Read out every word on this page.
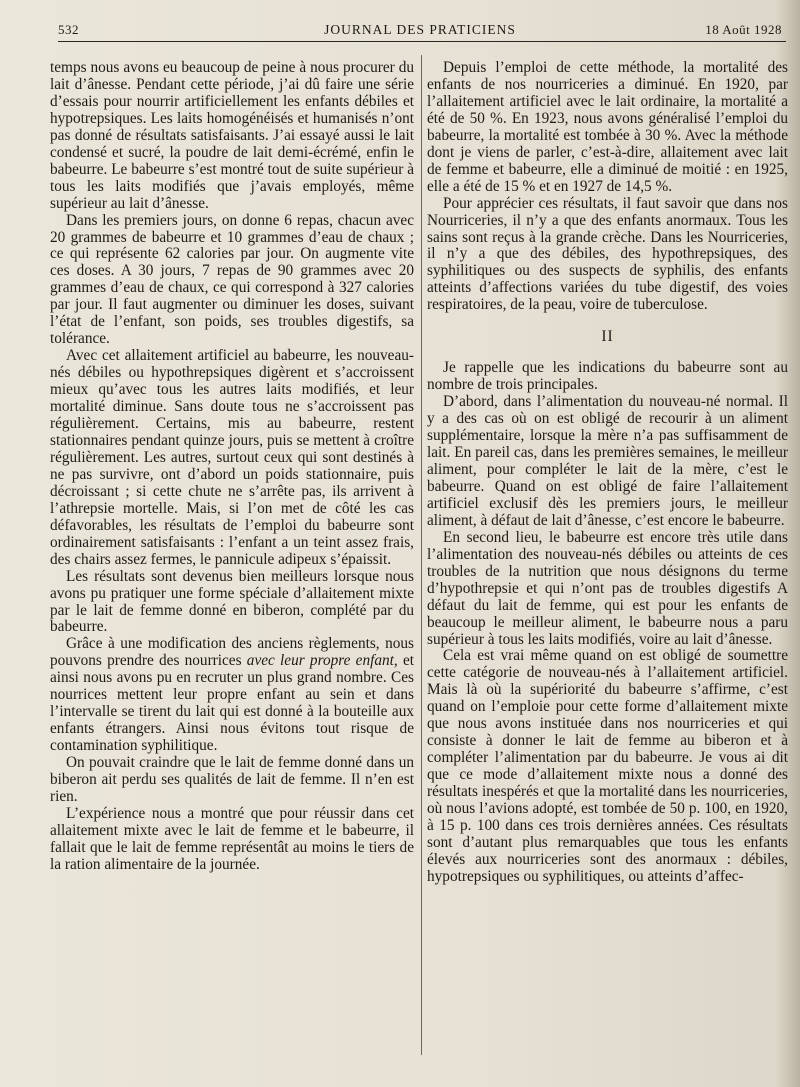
532	JOURNAL DES PRATICIENS	18 Août 1928

temps nous avons eu beaucoup de peine à nous procurer du lait d’ânesse. Pendant cette période, j’ai dû faire une série d’essais pour nourrir artificiellement les enfants débiles et hypotrepsiques. Les laits homogénéisés et humanisés n’ont pas donné de résultats satisfaisants. J’ai essayé aussi le lait condensé et sucré, la poudre de lait demi-écrémé, enfin le babeurre. Le babeurre s’est montré tout de suite supérieur à tous les laits modifiés que j’avais employés, même supérieur au lait d’ânesse.

Dans les premiers jours, on donne 6 repas, chacun avec 20 grammes de babeurre et 10 grammes d’eau de chaux ; ce qui représente 62 calories par jour. On augmente vite ces doses. A 30 jours, 7 repas de 90 grammes avec 20 grammes d’eau de chaux, ce qui correspond à 327 calories par jour. Il faut augmenter ou diminuer les doses, suivant l’état de l’enfant, son poids, ses troubles digestifs, sa tolérance.

Avec cet allaitement artificiel au babeurre, les nouveau-nés débiles ou hypothrepsiques digèrent et s’accroissent mieux qu’avec tous les autres laits modifiés, et leur mortalité diminue. Sans doute tous ne s’accroissent pas régulièrement. Certains, mis au babeurre, restent stationnaires pendant quinze jours, puis se mettent à croître régulièrement. Les autres, surtout ceux qui sont destinés à ne pas survivre, ont d’abord un poids stationnaire, puis décroissant ; si cette chute ne s’arrête pas, ils arrivent à l’athrepsie mortelle. Mais, si l’on met de côté les cas défavorables, les résultats de l’emploi du babeurre sont ordinairement satisfaisants : l’enfant a un teint assez frais, des chairs assez fermes, le pannicule adipeux s’épaissit.

Les résultats sont devenus bien meilleurs lorsque nous avons pu pratiquer une forme spéciale d’allaitement mixte par le lait de femme donné en biberon, complété par du babeurre.

Grâce à une modification des anciens règlements, nous pouvons prendre des nourrices avec leur propre enfant, et ainsi nous avons pu en recruter un plus grand nombre. Ces nourrices mettent leur propre enfant au sein et dans l’intervalle se tirent du lait qui est donné à la bouteille aux enfants étrangers. Ainsi nous évitons tout risque de contamination syphilitique.

On pouvait craindre que le lait de femme donné dans un biberon ait perdu ses qualités de lait de femme. Il n’en est rien.

L’expérience nous a montré que pour réussir dans cet allaitement mixte avec le lait de femme et le babeurre, il fallait que le lait de femme représentât au moins le tiers de la ration alimentaire de la journée.

Depuis l’emploi de cette méthode, la mortalité des enfants de nos nourriceries a diminué. En 1920, par l’allaitement artificiel avec le lait ordinaire, la mortalité a été de 50 %. En 1923, nous avons généralisé l’emploi du babeurre, la mortalité est tombée à 30 %. Avec la méthode dont je viens de parler, c’est-à-dire, allaitement avec lait de femme et babeurre, elle a diminué de moitié : en 1925, elle a été de 15 % et en 1927 de 14,5 %.

Pour apprécier ces résultats, il faut savoir que dans nos Nourriceries, il n’y a que des enfants anormaux. Tous les sains sont reçus à la grande crèche. Dans les Nourriceries, il n’y a que des débiles, des hypothrepsiques, des syphilitiques ou des suspects de syphilis, des enfants atteints d’affections variées du tube digestif, des voies respiratoires, de la peau, voire de tuberculose.

II

Je rappelle que les indications du babeurre sont au nombre de trois principales.

D’abord, dans l’alimentation du nouveau-né normal. Il y a des cas où on est obligé de recourir à un aliment supplémentaire, lorsque la mère n’a pas suffisamment de lait. En pareil cas, dans les premières semaines, le meilleur aliment, pour compléter le lait de la mère, c’est le babeurre. Quand on est obligé de faire l’allaitement artificiel exclusif dès les premiers jours, le meilleur aliment, à défaut de lait d’ânesse, c’est encore le babeurre.

En second lieu, le babeurre est encore très utile dans l’alimentation des nouveau-nés débiles ou atteints de ces troubles de la nutrition que nous désignons du terme d’hypothrepsie et qui n’ont pas de troubles digestifs A défaut du lait de femme, qui est pour les enfants de beaucoup le meilleur aliment, le babeurre nous a paru supérieur à tous les laits modifiés, voire au lait d’ânesse.

Cela est vrai même quand on est obligé de soumettre cette catégorie de nouveau-nés à l’allaitement artificiel. Mais là où la supériorité du babeurre s’affirme, c’est quand on l’emploie pour cette forme d’allaitement mixte que nous avons instituée dans nos nourriceries et qui consiste à donner le lait de femme au biberon et à compléter l’alimentation par du babeurre. Je vous ai dit que ce mode d’allaitement mixte nous a donné des résultats inespérés et que la mortalité dans les nourriceries, où nous l’avions adopté, est tombée de 50 p. 100, en 1920, à 15 p. 100 dans ces trois dernières années. Ces résultats sont d’autant plus remarquables que tous les enfants élevés aux nourriceries sont des anormaux : débiles, hypotrepsiques ou syphilitiques, ou atteints d’affec-
